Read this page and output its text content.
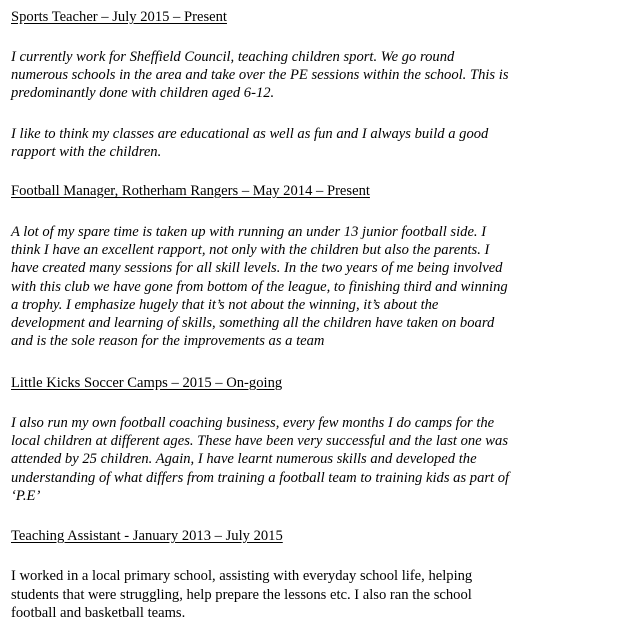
Sports Teacher – July 2015 – Present

I currently work for Sheffield Council, teaching children sport. We go round
numerous schools in the area and take over the PE sessions within the school. This is
predominantly done with children aged 6-12.

I like to think my classes are educational as well as fun and I always build a good
rapport with the children.

Football Manager, Rotherham Rangers – May 2014 – Present

A lot of my spare time is taken up with running an under 13 junior football side. I
think I have an excellent rapport, not only with the children but also the parents. I
have created many sessions for all skill levels. In the two years of me being involved
with this club we have gone from bottom of the league, to finishing third and winning
a trophy. I emphasize hugely that it’s not about the winning, it’s about the
development and learning of skills, something all the children have taken on board
and is the sole reason for the improvements as a team

Little Kicks Soccer Camps – 2015 – On-going

I also run my own football coaching business, every few months I do camps for the
local children at different ages. These have been very successful and the last one was
attended by 25 children. Again, I have learnt numerous skills and developed the
understanding of what differs from training a football team to training kids as part of
‘P.E’

Teaching Assistant - January 2013 – July 2015

I worked in a local primary school, assisting with everyday school life, helping
students that were struggling, help prepare the lessons etc. I also ran the school
football and basketball teams.
